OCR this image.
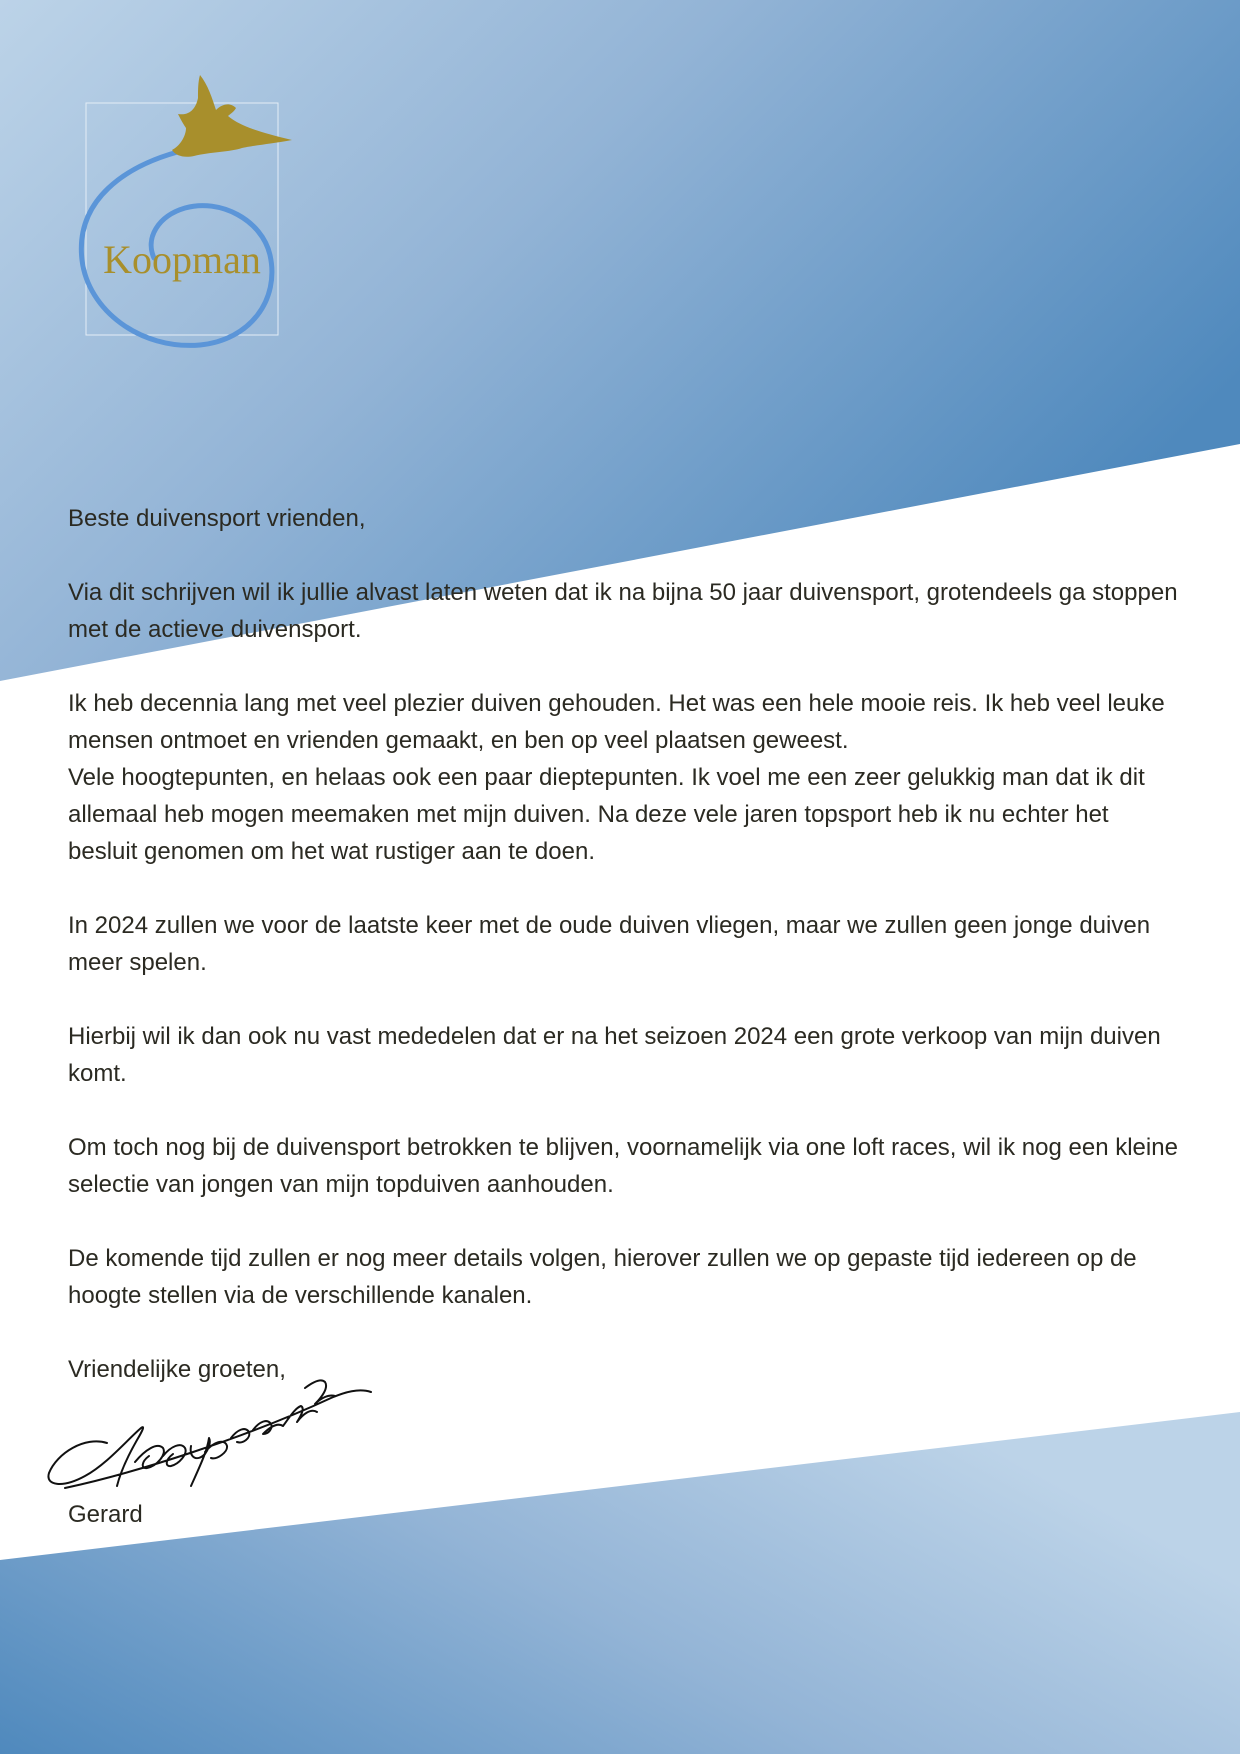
Koopman

Beste duivensport vrienden,

Via dit schrijven wil ik jullie alvast laten weten dat ik na bijna 50 jaar duivensport, grotendeels ga stoppen met de actieve duivensport.

Ik heb decennia lang met veel plezier duiven gehouden. Het was een hele mooie reis. Ik heb veel leuke mensen ontmoet en vrienden gemaakt, en ben op veel plaatsen geweest.

Vele hoogtepunten, en helaas ook een paar dieptepunten. Ik voel me een zeer gelukkig man dat ik dit allemaal heb mogen meemaken met mijn duiven. Na deze vele jaren topsport heb ik nu echter het besluit genomen om het wat rustiger aan te doen.

In 2024 zullen we voor de laatste keer met de oude duiven vliegen, maar we zullen geen jonge duiven meer spelen.

Hierbij wil ik dan ook nu vast mededelen dat er na het seizoen 2024 een grote verkoop van mijn duiven komt.

Om toch nog bij de duivensport betrokken te blijven, voornamelijk via one loft races, wil ik nog een kleine selectie van jongen van mijn topduiven aanhouden.

De komende tijd zullen er nog meer details volgen, hierover zullen we op gepaste tijd iedereen op de hoogte stellen via de verschillende kanalen.

Vriendelijke groeten,

Gerard
